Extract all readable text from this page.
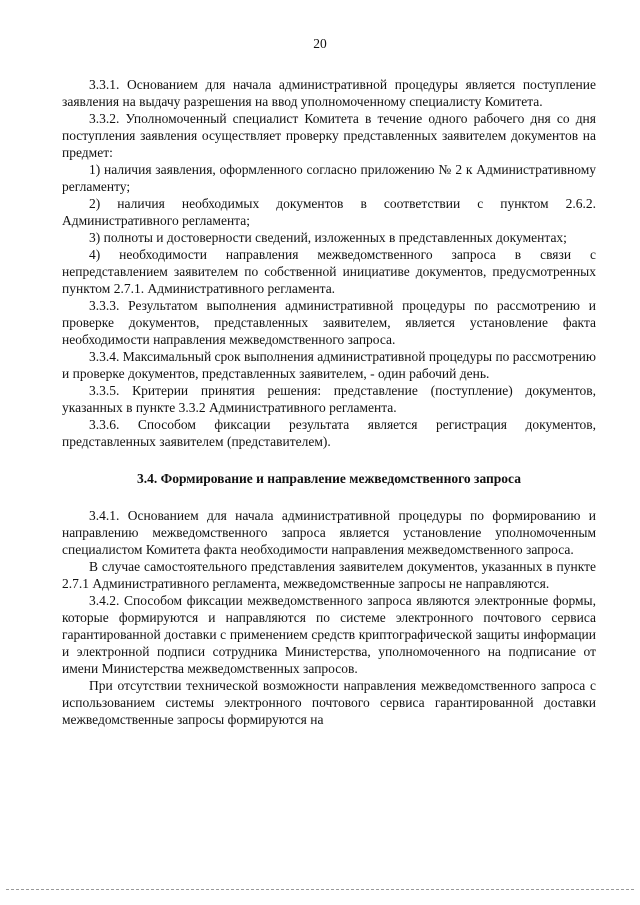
20

3.3.1. Основанием для начала административной процедуры является поступление заявления на выдачу разрешения на ввод уполномоченному специалисту Комитета.

3.3.2. Уполномоченный специалист Комитета в течение одного рабочего дня со дня поступления заявления осуществляет проверку представленных заявителем документов на предмет:

1) наличия заявления, оформленного согласно приложению № 2 к Административному регламенту;

2) наличия необходимых документов в соответствии с пунктом 2.6.2. Административного регламента;

3) полноты и достоверности сведений, изложенных в представленных документах;

4) необходимости направления межведомственного запроса в связи с непредставлением заявителем по собственной инициативе документов, предусмотренных пунктом 2.7.1. Административного регламента.

3.3.3. Результатом выполнения административной процедуры по рассмотрению и проверке документов, представленных заявителем, является установление факта необходимости направления межведомственного запроса.

3.3.4. Максимальный срок выполнения административной процедуры по рассмотрению и проверке документов, представленных заявителем, - один рабочий день.

3.3.5. Критерии принятия решения: представление (поступление) документов, указанных в пункте 3.3.2 Административного регламента.

3.3.6. Способом фиксации результата является регистрация документов, представленных заявителем (представителем).

3.4. Формирование и направление межведомственного запроса

3.4.1. Основанием для начала административной процедуры по формированию и направлению межведомственного запроса является установление уполномоченным специалистом Комитета факта необходимости направления межведомственного запроса.

В случае самостоятельного представления заявителем документов, указанных в пункте 2.7.1 Административного регламента, межведомственные запросы не направляются.

3.4.2. Способом фиксации межведомственного запроса являются электронные формы, которые формируются и направляются по системе электронного почтового сервиса гарантированной доставки с применением средств криптографической защиты информации и электронной подписи сотрудника Министерства, уполномоченного на подписание от имени Министерства межведомственных запросов.

При отсутствии технической возможности направления межведомственного запроса с использованием системы электронного почтового сервиса гарантированной доставки межведомственные запросы формируются на
